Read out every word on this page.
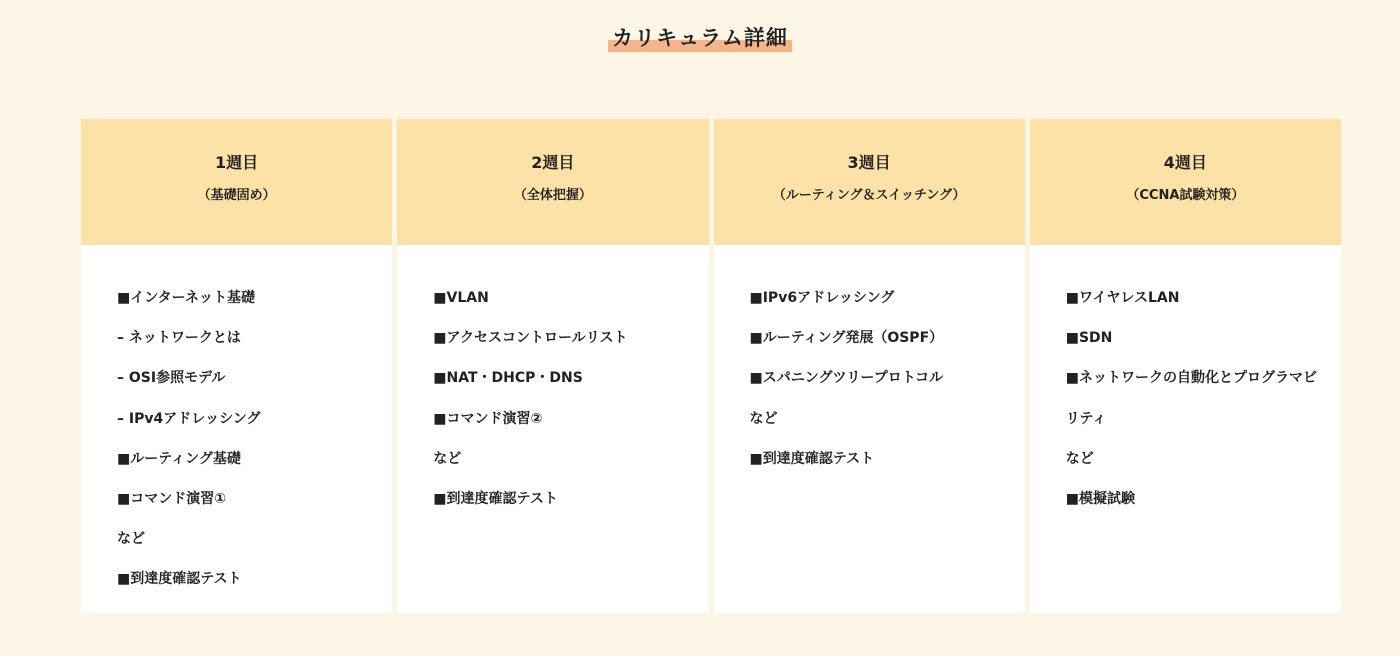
カリキュラム詳細
1週目
（基礎固め）
■インターネット基礎
– ネットワークとは
– OSI参照モデル
– IPv4アドレッシング
■ルーティング基礎
■コマンド演習①
など
■到達度確認テスト
2週目
（全体把握）
■VLAN
■アクセスコントロールリスト
■NAT・DHCP・DNS
■コマンド演習②
など
■到達度確認テスト
3週目
（ルーティング＆スイッチング）
■IPv6アドレッシング
■ルーティング発展（OSPF）
■スパニングツリープロトコル
など
■到達度確認テスト
4週目
（CCNA試験対策）
■ワイヤレスLAN
■SDN
■ネットワークの自動化とプログラマビ
リティ
など
■模擬試験
